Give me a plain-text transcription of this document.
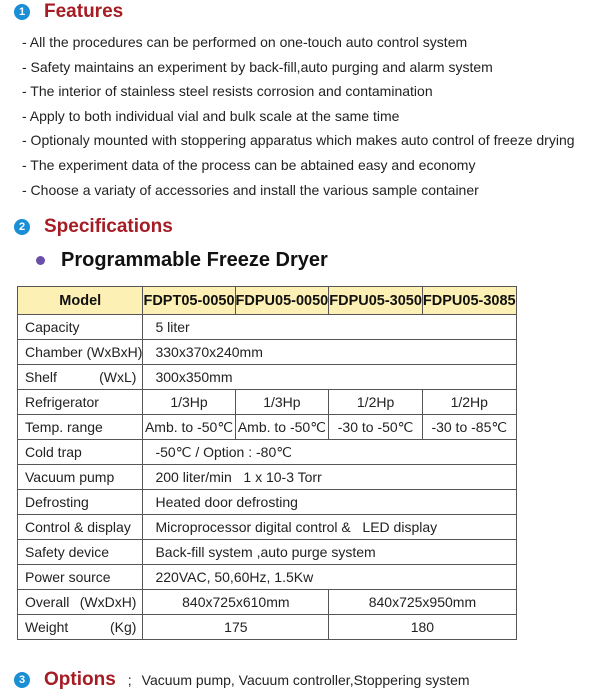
1 Features
- All the procedures can be performed on one-touch auto control system
- Safety maintains an experiment by back-fill,auto purging and alarm system
- The interior of stainless steel resists corrosion and contamination
- Apply to both individual vial and bulk scale at the same time
- Optionaly mounted with stoppering apparatus which makes auto control of freeze drying
- The experiment data of the process can be abtained easy and economy
- Choose a variaty of accessories and install the various sample container
2 Specifications
Programmable Freeze Dryer
Model	FDPT05-0050	FDPU05-0050	FDPU05-3050	FDPU05-3085
Capacity	5 liter			
Chamber (WxBxH)	330x370x240mm			
Shelf (WxL)	300x350mm			
Refrigerator	1/3Hp	1/3Hp	1/2Hp	1/2Hp
Temp. range	Amb. to -50℃	Amb. to -50℃	-30 to -50℃	-30 to -85℃
Cold trap	-50℃ / Option : -80℃			
Vacuum pump	200 liter/min   1 x 10-3 Torr			
Defrosting	Heated door defrosting			
Control & display	Microprocessor digital control &   LED display			
Safety device	Back-fill system ,auto purge system			
Power source	220VAC, 50,60Hz, 1.5Kw			
Overall (WxDxH)	840x725x610mm		840x725x950mm	
Weight (Kg)	175		180	
3 Options ; Vacuum pump, Vacuum controller,Stoppering system
